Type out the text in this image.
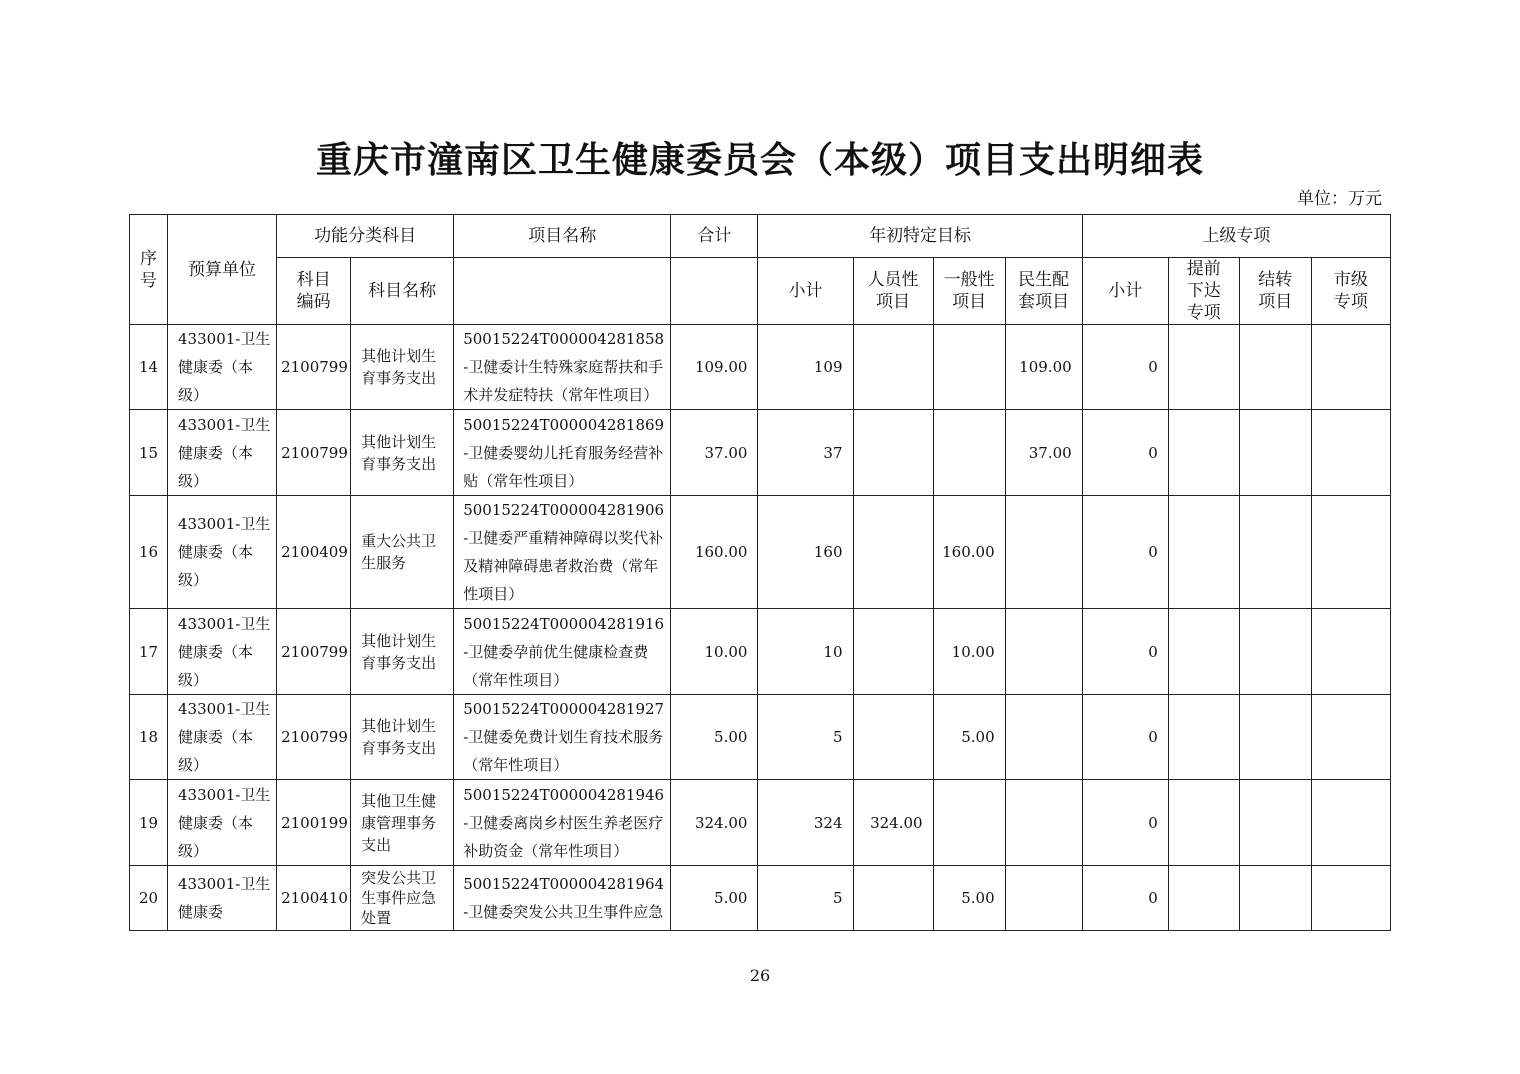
重庆市潼南区卫生健康委员会（本级）项目支出明细表
单位：万元
序号	预算单位	功能分类科目		项目名称	合计	年初特定目标				上级专项			
		科目编码	科目名称			小计	人员性项目	一般性项目	民生配套项目	小计	提前下达专项	结转项目	市级专项
14	433001-卫生健康委（本级）	2100799	其他计划生育事务支出	50015224T000004281858-卫健委计生特殊家庭帮扶和手术并发症特扶（常年性项目）	109.00	109			109.00	0			
15	433001-卫生健康委（本级）	2100799	其他计划生育事务支出	50015224T000004281869-卫健委婴幼儿托育服务经营补贴（常年性项目）	37.00	37			37.00	0			
16	433001-卫生健康委（本级）	2100409	重大公共卫生服务	50015224T000004281906-卫健委严重精神障碍以奖代补及精神障碍患者救治费（常年性项目）	160.00	160		160.00		0			
17	433001-卫生健康委（本级）	2100799	其他计划生育事务支出	50015224T000004281916-卫健委孕前优生健康检查费（常年性项目）	10.00	10		10.00		0			
18	433001-卫生健康委（本级）	2100799	其他计划生育事务支出	50015224T000004281927-卫健委免费计划生育技术服务（常年性项目）	5.00	5		5.00		0			
19	433001-卫生健康委（本级）	2100199	其他卫生健康管理事务支出	50015224T000004281946-卫健委离岗乡村医生养老医疗补助资金（常年性项目）	324.00	324	324.00			0			
20	433001-卫生健康委	2100410	突发公共卫生事件应急处置	50015224T000004281964-卫健委突发公共卫生事件应急	5.00	5		5.00		0			
26
